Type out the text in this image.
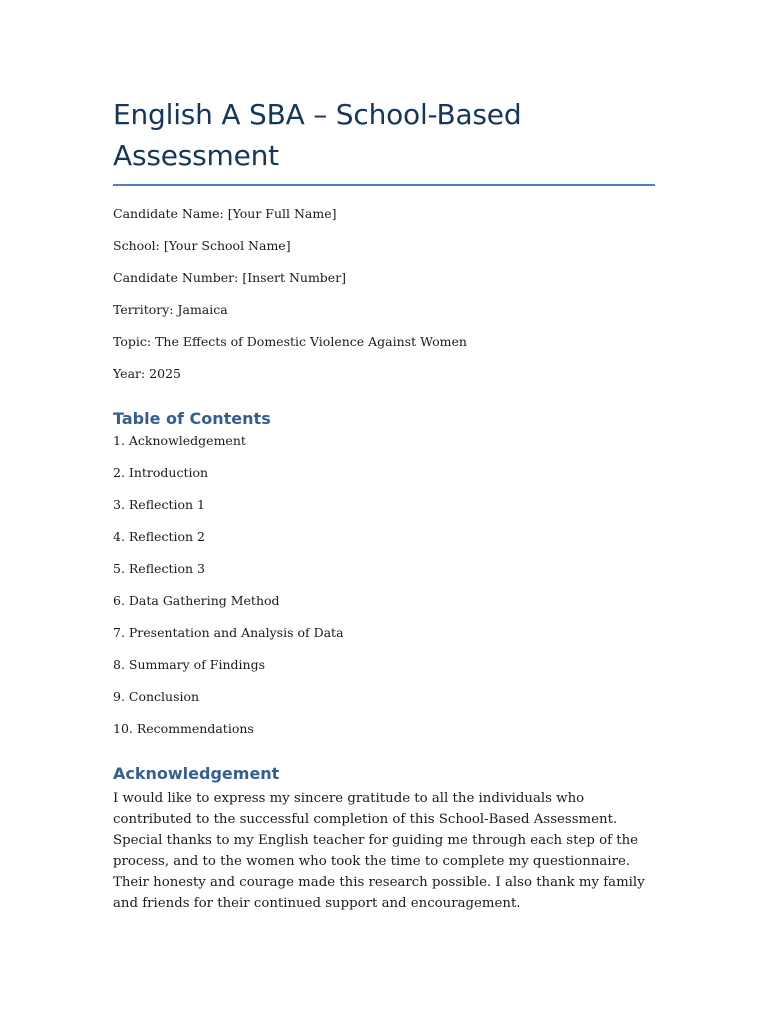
English A SBA – School-Based Assessment

Candidate Name: [Your Full Name]

School: [Your School Name]

Candidate Number: [Insert Number]

Territory: Jamaica

Topic: The Effects of Domestic Violence Against Women

Year: 2025

Table of Contents

1. Acknowledgement

2. Introduction

3. Reflection 1

4. Reflection 2

5. Reflection 3

6. Data Gathering Method

7. Presentation and Analysis of Data

8. Summary of Findings

9. Conclusion

10. Recommendations

Acknowledgement

I would like to express my sincere gratitude to all the individuals who contributed to the successful completion of this School-Based Assessment. Special thanks to my English teacher for guiding me through each step of the process, and to the women who took the time to complete my questionnaire. Their honesty and courage made this research possible. I also thank my family and friends for their continued support and encouragement.
